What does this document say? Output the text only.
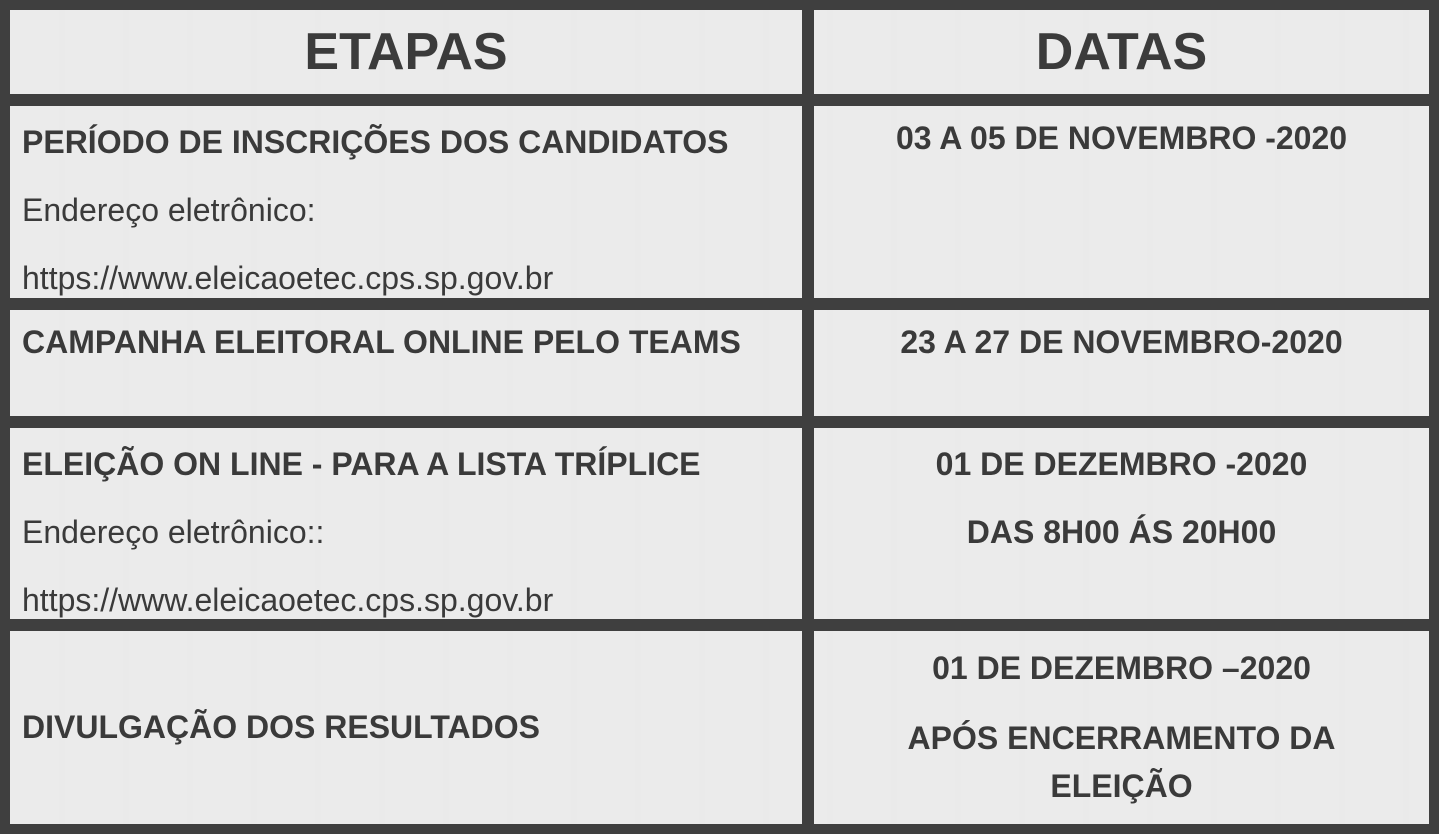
ETAPAS	DATAS
PERÍODO DE INSCRIÇÕES DOS CANDIDATOS
Endereço eletrônico:
https://www.eleicaoetec.cps.sp.gov.br
03 A 05 DE NOVEMBRO -2020
CAMPANHA ELEITORAL ONLINE PELO TEAMS	23 A 27 DE NOVEMBRO-2020
ELEIÇÃO ON LINE - PARA A LISTA TRÍPLICE
Endereço eletrônico::
https://www.eleicaoetec.cps.sp.gov.br
01 DE DEZEMBRO -2020
DAS 8H00 ÁS 20H00
DIVULGAÇÃO DOS RESULTADOS
01 DE DEZEMBRO –2020
APÓS ENCERRAMENTO DA
ELEIÇÃO
